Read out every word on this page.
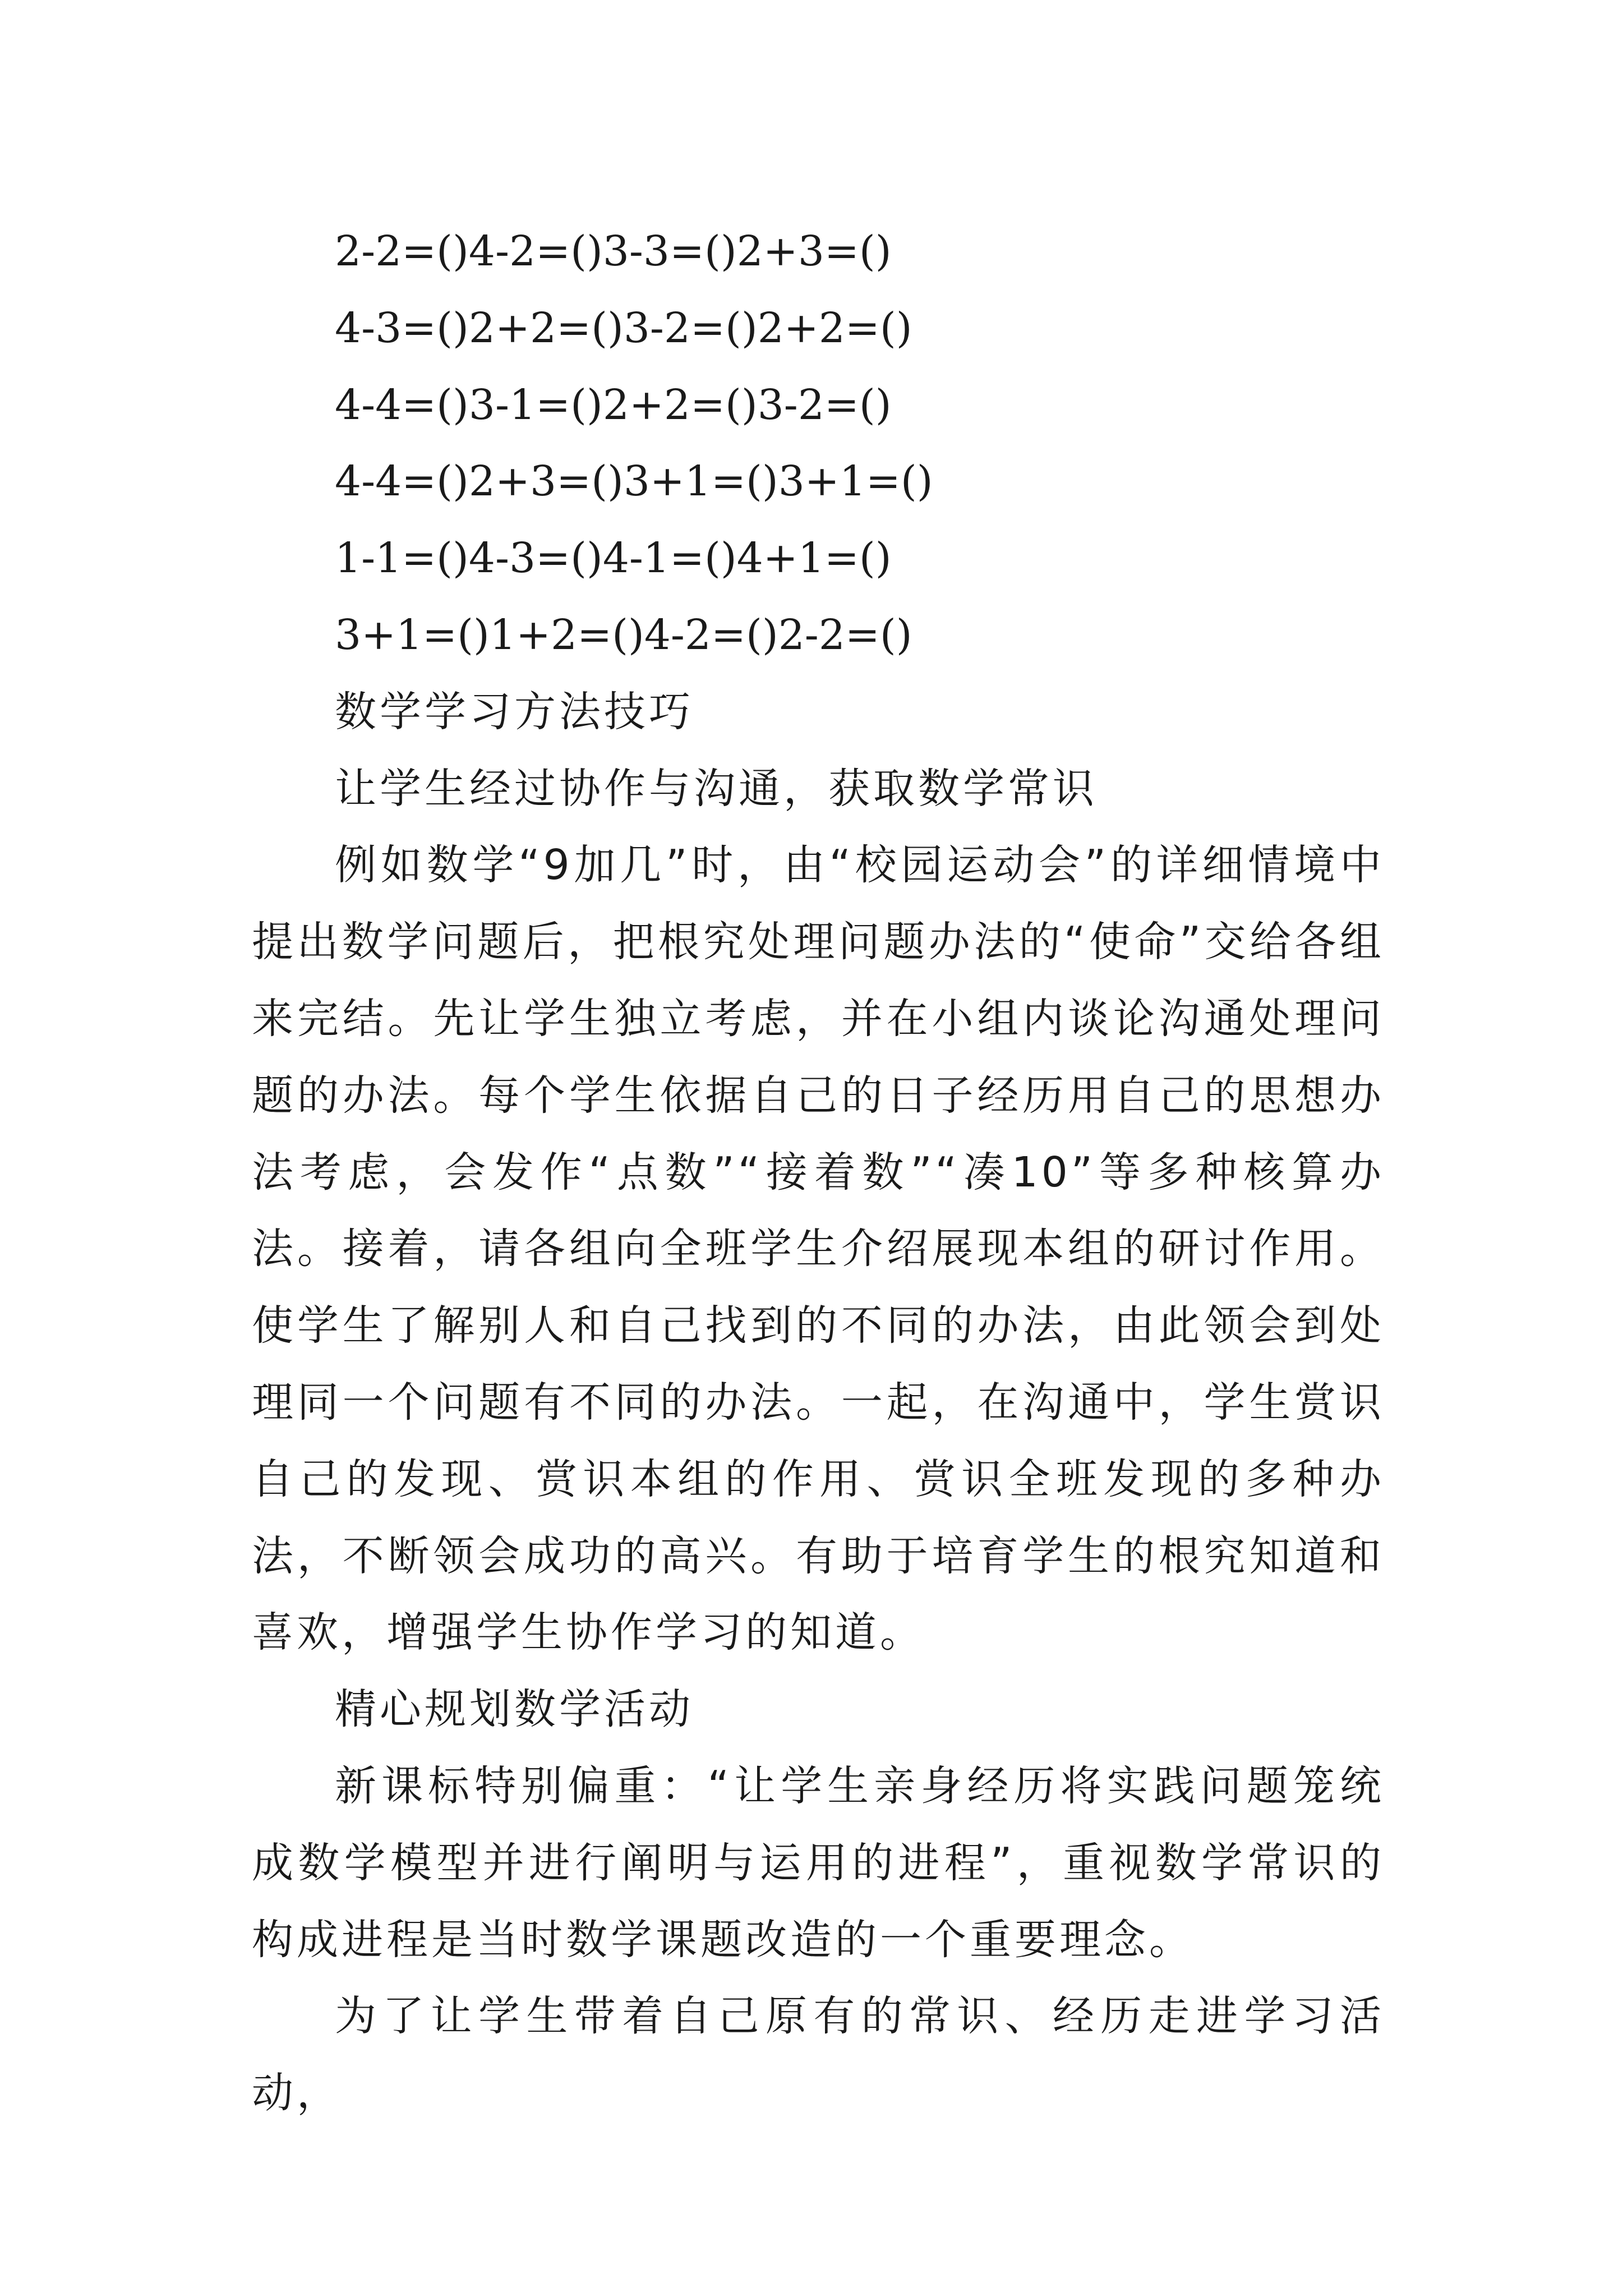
2-2=()4-2=()3-3=()2+3=()
4-3=()2+2=()3-2=()2+2=()
4-4=()3-1=()2+2=()3-2=()
4-4=()2+3=()3+1=()3+1=()
1-1=()4-3=()4-1=()4+1=()
3+1=()1+2=()4-2=()2-2=()
数学学习方法技巧
让学生经过协作与沟通，获取数学常识

例如数学“9加几”时，由“校园运动会”的详细情境中提出数学问题后，把根究处理问题办法的“使命”交给各组来完结。先让学生独立考虑，并在小组内谈论沟通处理问题的办法。每个学生依据自己的日子经历用自己的思想办法考虑，会发作“点数”“接着数”“凑10”等多种核算办法。接着，请各组向全班学生介绍展现本组的研讨作用。使学生了解别人和自己找到的不同的办法，由此领会到处理同一个问题有不同的办法。一起，在沟通中，学生赏识自己的发现、赏识本组的作用、赏识全班发现的多种办法，不断领会成功的高兴。有助于培育学生的根究知道和喜欢，增强学生协作学习的知道。

精心规划数学活动

新课标特别偏重：“让学生亲身经历将实践问题笼统成数学模型并进行阐明与运用的进程”，重视数学常识的构成进程是当时数学课题改造的一个重要理念。

为了让学生带着自己原有的常识、经历走进学习活动，
